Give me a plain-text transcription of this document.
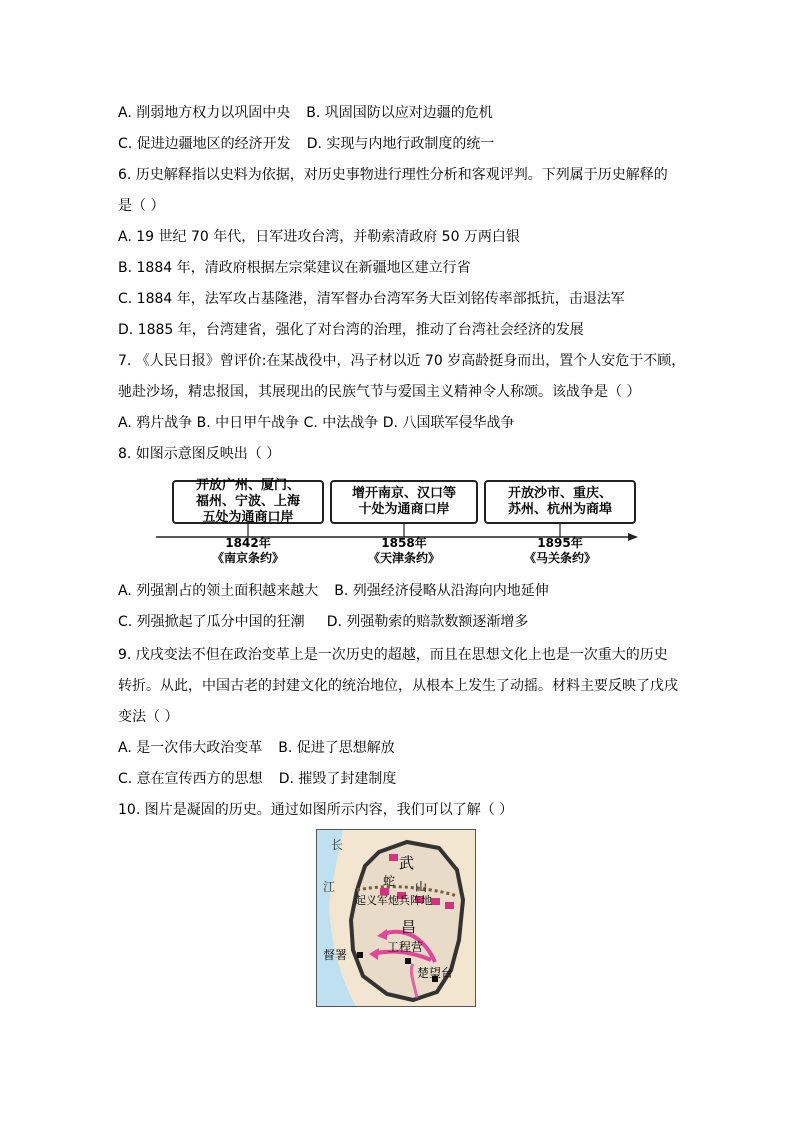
A. 削弱地方权力以巩固中央 B. 巩固国防以应对边疆的危机
C. 促进边疆地区的经济开发 D. 实现与内地行政制度的统一
6. 历史解释指以史料为依据，对历史事物进行理性分析和客观评判。下列属于历史解释的
是（ ）
A. 19 世纪 70 年代，日军进攻台湾，并勒索清政府 50 万两白银
B. 1884 年，清政府根据左宗棠建议在新疆地区建立行省
C. 1884 年，法军攻占基隆港，清军督办台湾军务大臣刘铭传率部抵抗，击退法军
D. 1885 年，台湾建省，强化了对台湾的治理，推动了台湾社会经济的发展
7. 《人民日报》曾评价:在某战役中，冯子材以近 70 岁高龄挺身而出，置个人安危于不顾，
驰赴沙场，精忠报国，其展现出的民族气节与爱国主义精神令人称颂。该战争是（ ）
A. 鸦片战争 B. 中日甲午战争 C. 中法战争 D. 八国联军侵华战争
8. 如图示意图反映出（ ）
开放广州、厦门、
福州、宁波、上海
五处为通商口岸
增开南京、汉口等
十处为通商口岸
开放沙市、重庆、
苏州、杭州为商埠
1842年	1858年	1895年
《南京条约》	《天津条约》	《马关条约》
A. 列强割占的领土面积越来越大 B. 列强经济侵略从沿海向内地延伸
C. 列强掀起了瓜分中国的狂潮 D. 列强勒索的赔款数额逐渐增多
9. 戊戌变法不但在政治变革上是一次历史的超越，而且在思想文化上也是一次重大的历史
转折。从此，中国古老的封建文化的统治地位，从根本上发生了动摇。材料主要反映了戊戌
变法（ ）
A. 是一次伟大政治变革 B. 促进了思想解放
C. 意在宣传西方的思想 D. 摧毁了封建制度
10. 图片是凝固的历史。通过如图所示内容，我们可以了解（ ）
长
江
武
蛇 山
起义军炮兵阵地
昌
督署
工程营
楚望台
